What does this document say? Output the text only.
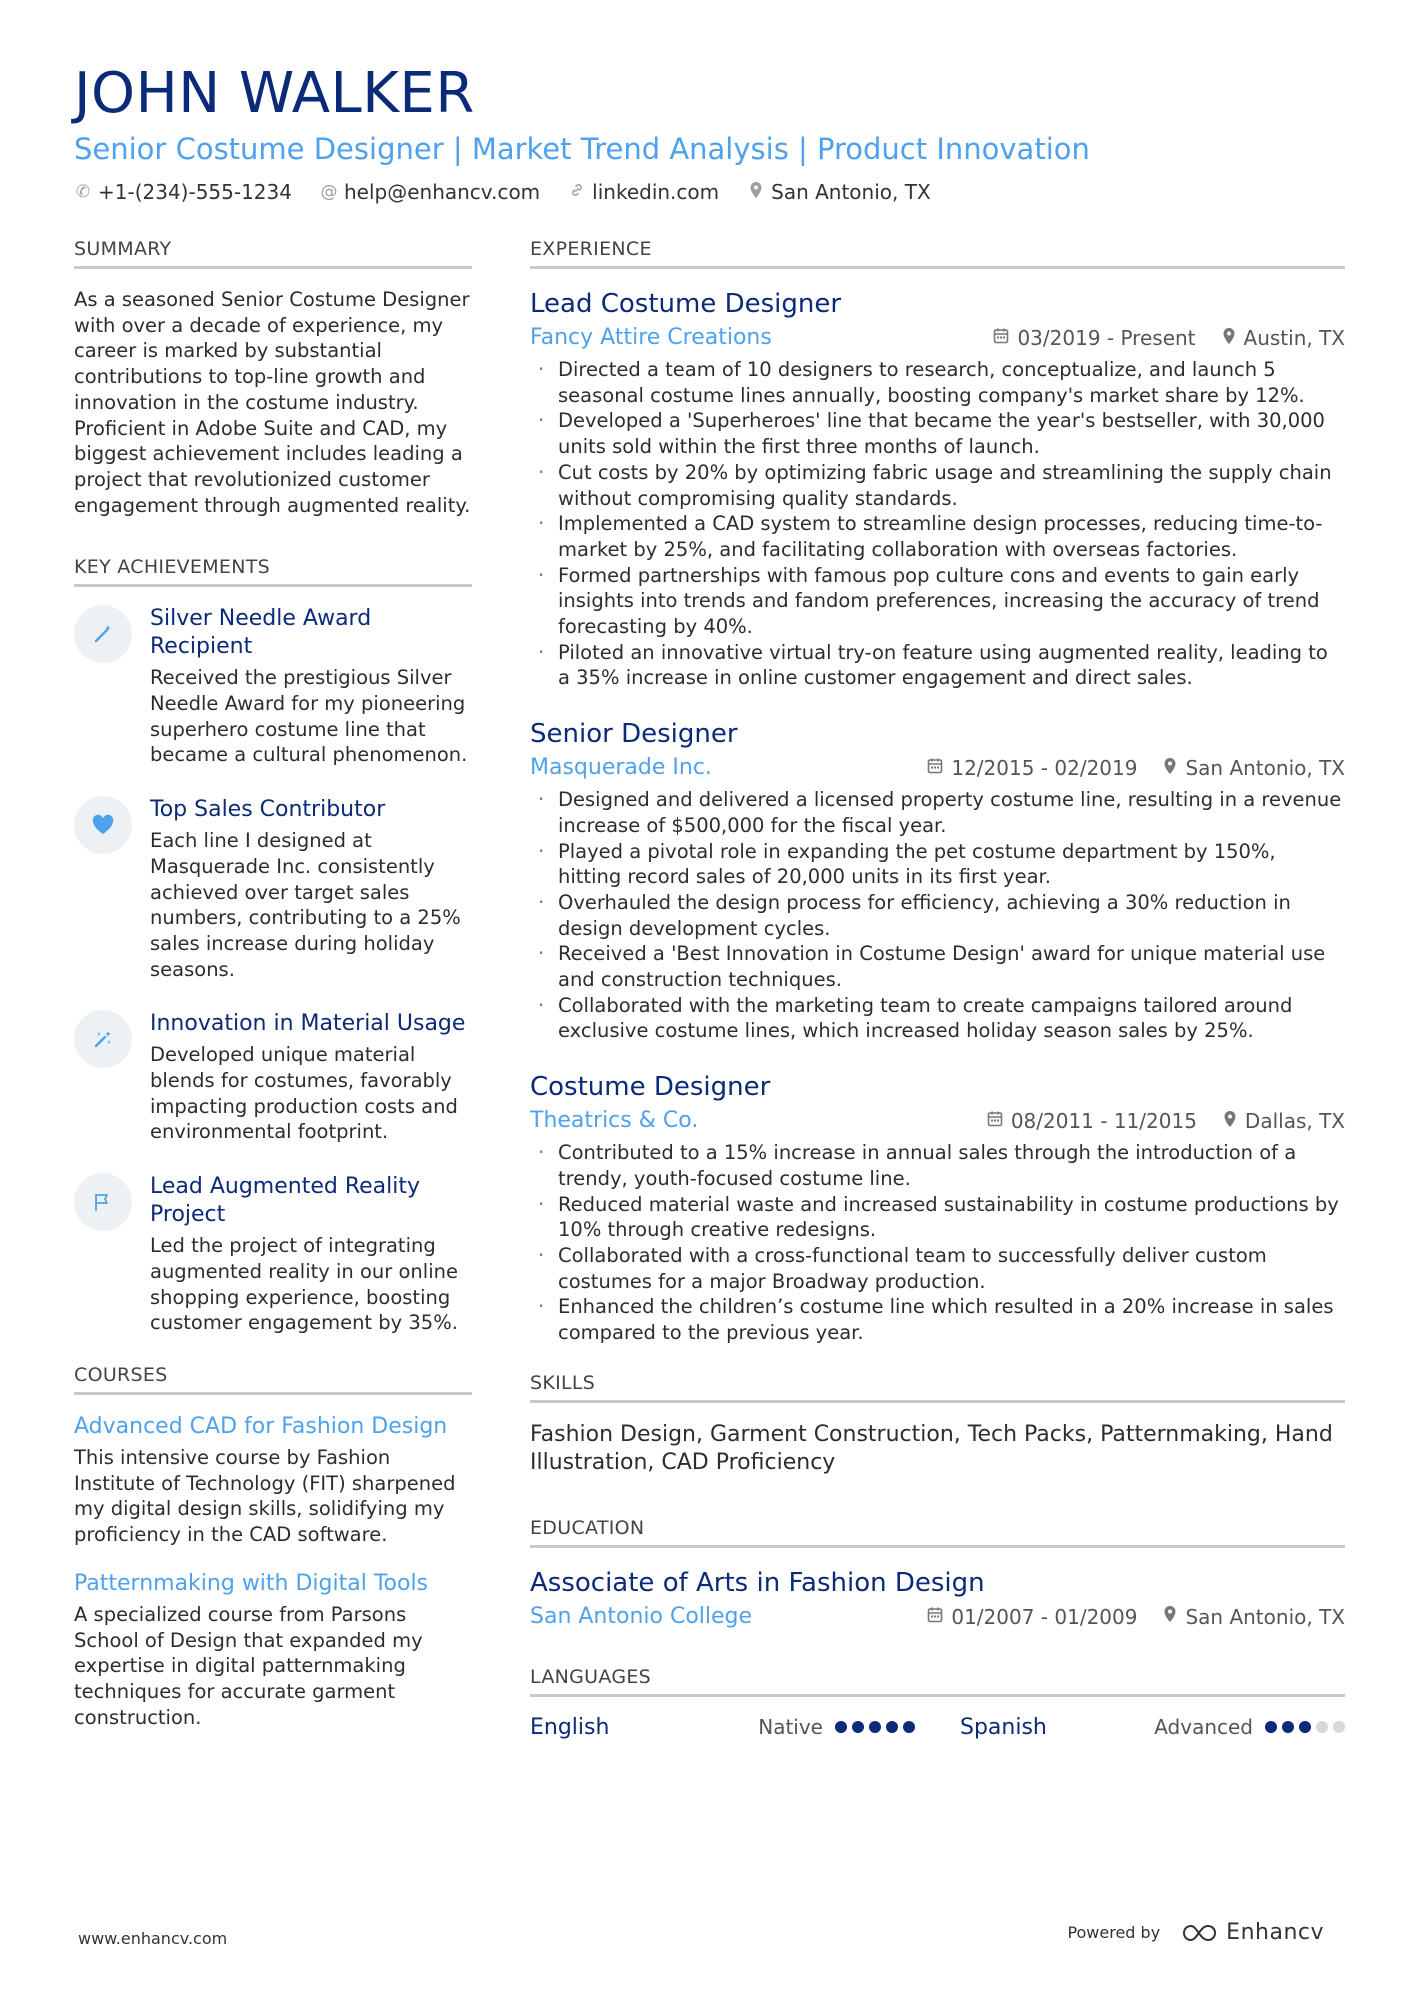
JOHN WALKER
Senior Costume Designer | Market Trend Analysis | Product Innovation
✆ +1-(234)-555-1234 @ help@enhancv.com	linkedin.com	San Antonio, TX
SUMMARY
As a seasoned Senior Costume Designer with over a decade of experience, my career is marked by substantial contributions to top-line growth and innovation in the costume industry. Proficient in Adobe Suite and CAD, my biggest achievement includes leading a project that revolutionized customer engagement through augmented reality.
KEY ACHIEVEMENTS
Silver Needle Award Recipient
Received the prestigious Silver Needle Award for my pioneering superhero costume line that became a cultural phenomenon.
Top Sales Contributor
Each line I designed at Masquerade Inc. consistently achieved over target sales numbers, contributing to a 25% sales increase during holiday seasons.
Innovation in Material Usage
Developed unique material blends for costumes, favorably impacting production costs and environmental footprint.
Lead Augmented Reality Project
Led the project of integrating augmented reality in our online shopping experience, boosting customer engagement by 35%.
COURSES
Advanced CAD for Fashion Design
This intensive course by Fashion Institute of Technology (FIT) sharpened my digital design skills, solidifying my proficiency in the CAD software.
Patternmaking with Digital Tools
A specialized course from Parsons School of Design that expanded my expertise in digital patternmaking techniques for accurate garment construction.
EXPERIENCE
Lead Costume Designer
Fancy Attire Creations	03/2019 - Present Austin, TX
· Directed a team of 10 designers to research, conceptualize, and launch 5 seasonal costume lines annually, boosting company's market share by 12%.
· Developed a 'Superheroes' line that became the year's bestseller, with 30,000 units sold within the first three months of launch.
· Cut costs by 20% by optimizing fabric usage and streamlining the supply chain without compromising quality standards.
· Implemented a CAD system to streamline design processes, reducing time-to-market by 25%, and facilitating collaboration with overseas factories.
· Formed partnerships with famous pop culture cons and events to gain early insights into trends and fandom preferences, increasing the accuracy of trend forecasting by 40%.
· Piloted an innovative virtual try-on feature using augmented reality, leading to a 35% increase in online customer engagement and direct sales.
Senior Designer
Masquerade Inc.	12/2015 - 02/2019 San Antonio, TX
· Designed and delivered a licensed property costume line, resulting in a revenue increase of $500,000 for the fiscal year.
· Played a pivotal role in expanding the pet costume department by 150%, hitting record sales of 20,000 units in its first year.
· Overhauled the design process for efficiency, achieving a 30% reduction in design development cycles.
· Received a 'Best Innovation in Costume Design' award for unique material use and construction techniques.
· Collaborated with the marketing team to create campaigns tailored around exclusive costume lines, which increased holiday season sales by 25%.
Costume Designer
Theatrics & Co.	08/2011 - 11/2015 Dallas, TX
· Contributed to a 15% increase in annual sales through the introduction of a trendy, youth-focused costume line.
· Reduced material waste and increased sustainability in costume productions by 10% through creative redesigns.
· Collaborated with a cross-functional team to successfully deliver custom costumes for a major Broadway production.
· Enhanced the children’s costume line which resulted in a 20% increase in sales compared to the previous year.
SKILLS
Fashion Design, Garment Construction, Tech Packs, Patternmaking, Hand Illustration, CAD Proficiency
EDUCATION
Associate of Arts in Fashion Design
San Antonio College	01/2007 - 01/2009 San Antonio, TX
LANGUAGES
English	Native	Spanish	Advanced
www.enhancv.com	Powered by	Enhancv
